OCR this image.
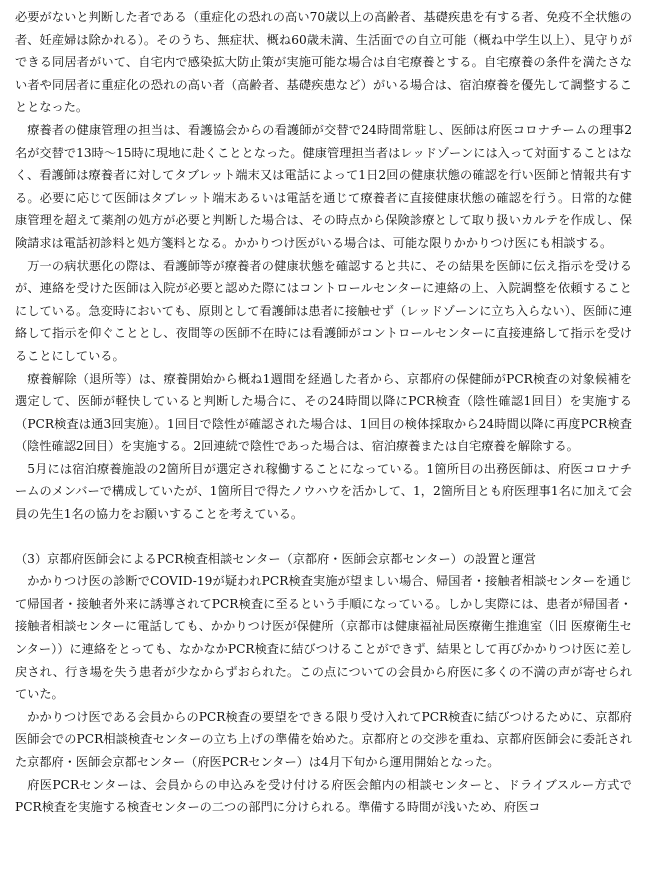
必要がないと判断した者である（重症化の恐れの高い70歳以上の高齢者、基礎疾患を有する者、免疫不全状態の者、妊産婦は除かれる）。そのうち、無症状、概ね60歳未満、生活面での自立可能（概ね中学生以上）、見守りができる同居者がいて、自宅内で感染拡大防止策が実施可能な場合は自宅療養とする。自宅療養の条件を満たさない者や同居者に重症化の恐れの高い者（高齢者、基礎疾患など）がいる場合は、宿泊療養を優先して調整することとなった。

療養者の健康管理の担当は、看護協会からの看護師が交替で24時間常駐し、医師は府医コロナチームの理事2名が交替で13時～15時に現地に赴くこととなった。健康管理担当者はレッドゾーンには入って対面することはなく、看護師は療養者に対してタブレット端末又は電話によって1日2回の健康状態の確認を行い医師と情報共有する。必要に応じて医師はタブレット端末あるいは電話を通じて療養者に直接健康状態の確認を行う。日常的な健康管理を超えて薬剤の処方が必要と判断した場合は、その時点から保険診療として取り扱いカルテを作成し、保険請求は電話初診料と処方箋料となる。かかりつけ医がいる場合は、可能な限りかかりつけ医にも相談する。

万一の病状悪化の際は、看護師等が療養者の健康状態を確認すると共に、その結果を医師に伝え指示を受けるが、連絡を受けた医師は入院が必要と認めた際にはコントロールセンターに連絡の上、入院調整を依頼することにしている。急変時においても、原則として看護師は患者に接触せず（レッドゾーンに立ち入らない）、医師に連絡して指示を仰ぐこととし、夜間等の医師不在時には看護師がコントロールセンターに直接連絡して指示を受けることにしている。

療養解除（退所等）は、療養開始から概ね1週間を経過した者から、京都府の保健師がPCR検査の対象候補を選定して、医師が軽快していると判断した場合に、その24時間以降にPCR検査（陰性確認1回目）を実施する（PCR検査は通3回実施）。1回目で陰性が確認された場合は、1回目の検体採取から24時間以降に再度PCR検査（陰性確認2回目）を実施する。2回連続で陰性であった場合は、宿泊療養または自宅療養を解除する。

5月には宿泊療養施設の2箇所目が選定され稼働することになっている。1箇所目の出務医師は、府医コロナチームのメンバーで構成していたが、1箇所目で得たノウハウを活かして、1，2箇所目とも府医理事1名に加えて会員の先生1名の協力をお願いすることを考えている。

（3）京都府医師会によるPCR検査相談センター（京都府・医師会京都センター）の設置と運営

かかりつけ医の診断でCOVID-19が疑われPCR検査実施が望ましい場合、帰国者・接触者相談センターを通じて帰国者・接触者外来に誘導されてPCR検査に至るという手順になっている。しかし実際には、患者が帰国者・接触者相談センターに電話しても、かかりつけ医が保健所（京都市は健康福祉局医療衛生推進室（旧 医療衛生センター））に連絡をとっても、なかなかPCR検査に結びつけることができず、結果として再びかかりつけ医に差し戻され、行き場を失う患者が少なからずおられた。この点についての会員から府医に多くの不満の声が寄せられていた。

かかりつけ医である会員からのPCR検査の要望をできる限り受け入れてPCR検査に結びつけるために、京都府医師会でのPCR相談検査センターの立ち上げの準備を始めた。京都府との交渉を重ね、京都府医師会に委託された京都府・医師会京都センター（府医PCRセンター）は4月下旬から運用開始となった。

府医PCRセンターは、会員からの申込みを受け付ける府医会館内の相談センターと、ドライブスルー方式でPCR検査を実施する検査センターの二つの部門に分けられる。準備する時間が浅いため、府医コ
